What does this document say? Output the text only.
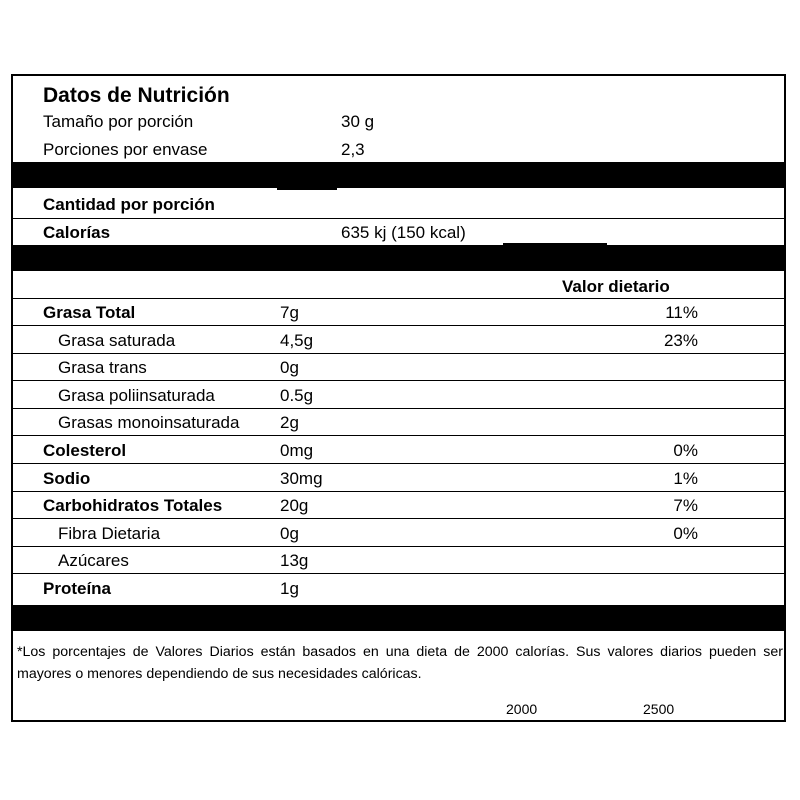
Datos de Nutrición
Tamaño por porción	30 g
Porciones por envase	2,3
Cantidad por porción
Calorías	635 kj (150 kcal)
Valor dietario
Grasa Total	7g	11%
Grasa saturada	4,5g	23%
Grasa trans	0g
Grasa poliinsaturada	0.5g
Grasas monoinsaturada 2g
Colesterol	0mg	0%
Sodio	30mg	1%
Carbohidratos Totales	20g	7%
Fibra Dietaria	0g	0%
Azúcares	13g
Proteína	1g
*Los porcentajes de Valores Diarios están basados en una dieta de 2000 calorías. Sus valores diarios pueden ser mayores o menores dependiendo de sus necesidades calóricas.
2000	2500
